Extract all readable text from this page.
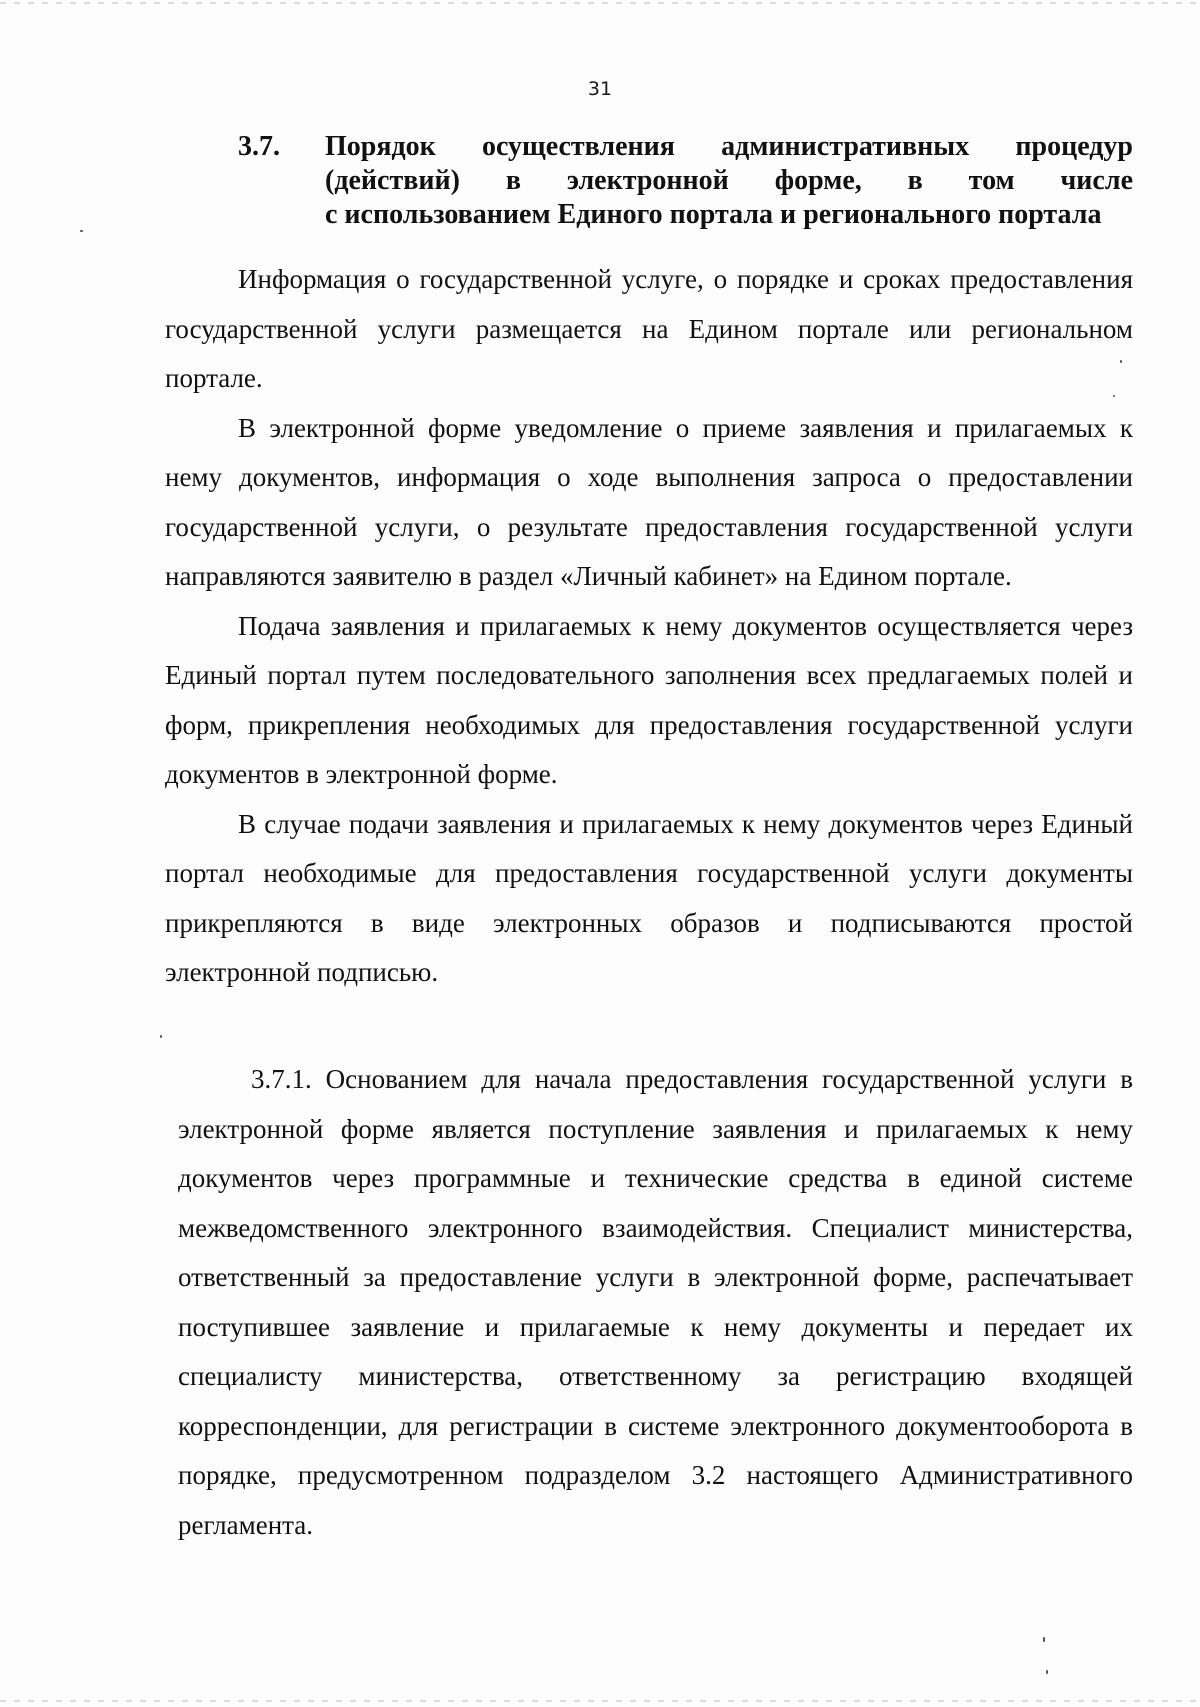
31
3.7. Порядок осуществления административных процедур
(действий) в электронной форме, в том числе
с использованием Единого портала и регионального портала

Информация о государственной услуге, о порядке и сроках предоставления государственной услуги размещается на Едином портале или региональном портале.

В электронной форме уведомление о приеме заявления и прилагаемых к нему документов, информация о ходе выполнения запроса о предоставлении государственной услуги, о результате предоставления государственной услуги направляются заявителю в раздел «Личный кабинет» на Едином портале.

Подача заявления и прилагаемых к нему документов осуществляется через Единый портал путем последовательного заполнения всех предлагаемых полей и форм, прикрепления необходимых для предоставления государственной услуги документов в электронной форме.

В случае подачи заявления и прилагаемых к нему документов через Единый портал необходимые для предоставления государственной услуги документы прикрепляются в виде электронных образов и подписываются простой электронной подписью.

3.7.1. Основанием для начала предоставления государственной услуги в электронной форме является поступление заявления и прилагаемых к нему документов через программные и технические средства в единой системе межведомственного электронного взаимодействия. Специалист министерства, ответственный за предоставление услуги в электронной форме, распечатывает поступившее заявление и прилагаемые к нему документы и передает их специалисту министерства, ответственному за регистрацию входящей корреспонденции, для регистрации в системе электронного документооборота в порядке, предусмотренном подразделом 3.2 настоящего Административного регламента.
